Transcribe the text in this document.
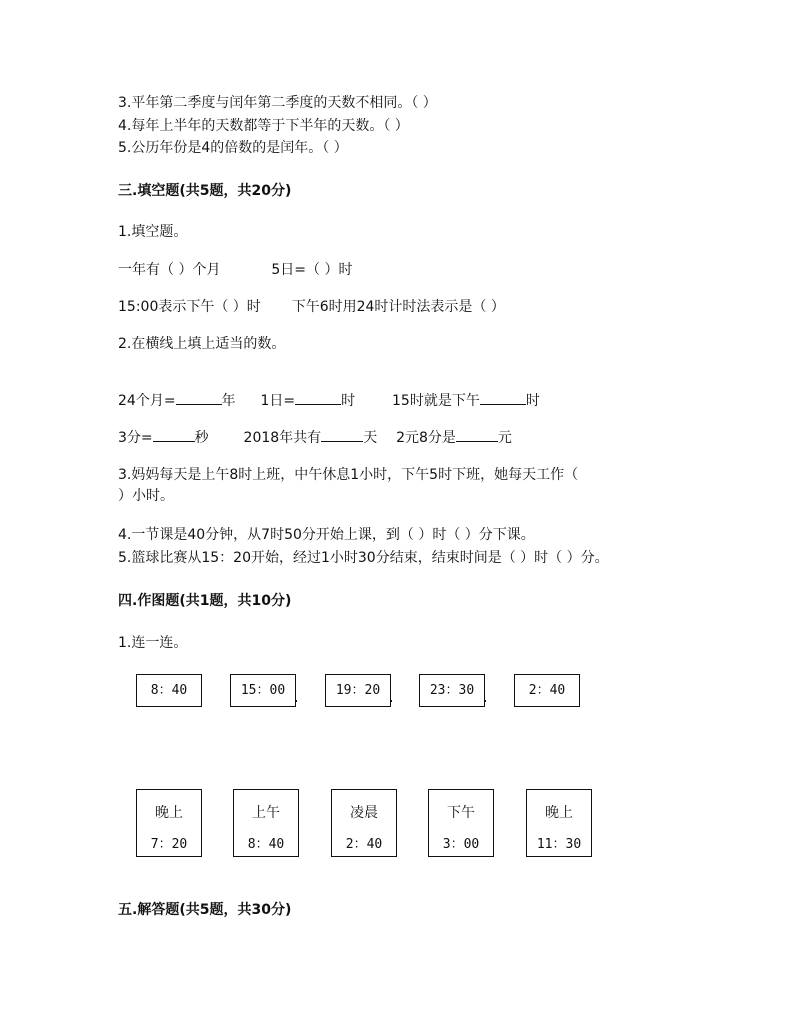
3.平年第二季度与闰年第二季度的天数不相同。（ ）
4.每年上半年的天数都等于下半年的天数。（ ）
5.公历年份是4的倍数的是闰年。（ ）
三.填空题(共5题，共20分)
1.填空题。
一年有（ ）个月	5日=（ ）时
15:00表示下午（ ）时 下午6时用24时计时法表示是（ ）
2.在横线上填上适当的数。
24个月=	年 1日=	时	15时就是下午	时
3分=	秒 2018年共有	天 2元8分是	元
3.妈妈每天是上午8时上班，中午休息1小时，下午5时下班，她每天工作（
）小时。
4.一节课是40分钟，从7时50分开始上课，到（ ）时（ ）分下课。
5.篮球比赛从15：20开始，经过1小时30分结束，结束时间是（ ）时（ ）分。
四.作图题(共1题，共10分)
1.连一连。
8：40	15：00	19：20	23：30	2：40
晚上
7：20
上午
8：40
凌晨
2：40
下午
3：00
晚上
11：30
五.解答题(共5题，共30分)
